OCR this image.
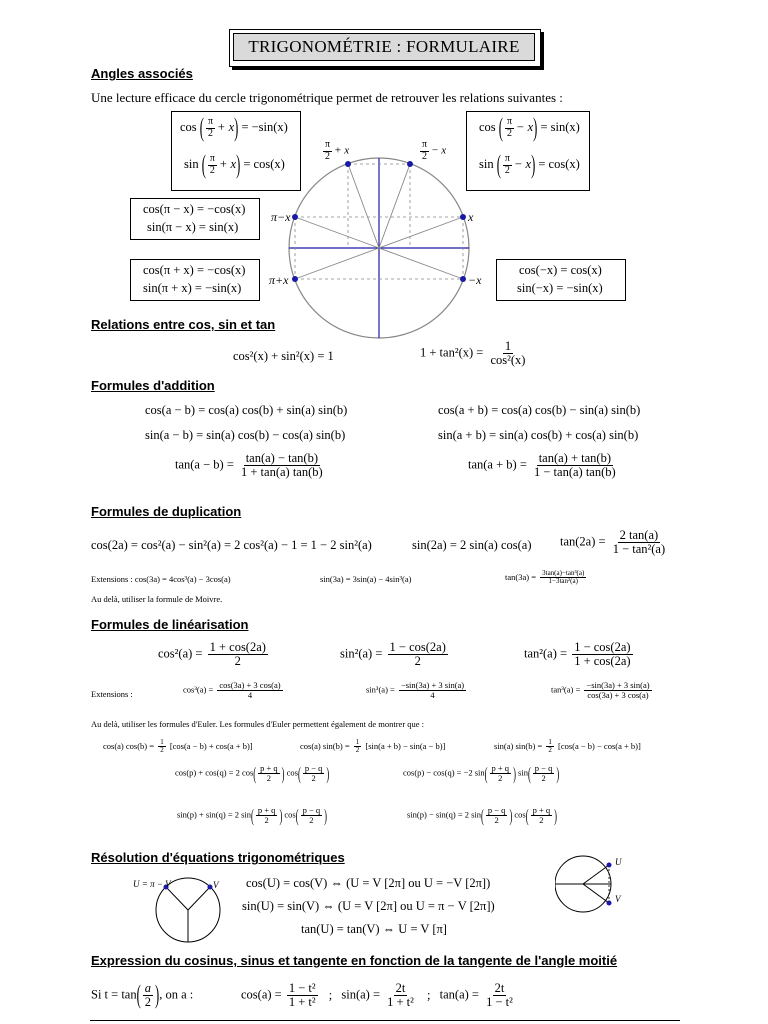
TRIGONOMÉTRIE : FORMULAIRE
Angles associés
Une lecture efficace du cercle trigonométrique permet de retrouver les relations suivantes :
cos ( $\frac{\pi}{2} + x) = -\sin(x)$
sin ( $\frac{\pi}{2} + x) = \cos(x)$
cos ( $\frac{\pi}{2} - x) = \sin(x)$
sin ( $\frac{\pi}{2} - x) = \cos(x)$
cos(π − x) = −cos(x)
sin(π − x) = sin(x)
cos(π + x) = −cos(x)
sin(π + x) = −sin(x)
cos(−x) = cos(x)
sin(−x) = −sin(x)
$\frac{\pi}{2} + x$	$\frac{\pi}{2} - x$
π−x	x
π+x	−x
Relations entre cos, sin et tan
cos²(x) + sin²(x) = 1	$1 + \tan^2(x) = \frac{1}{\text{cos²(x)}}$
Formules d'addition
cos(a − b) = cos(a) cos(b) + sin(a) sin(b)	cos(a + b) = cos(a) cos(b) − sin(a) sin(b)
sin(a − b) = sin(a) cos(b) − cos(a) sin(b)	sin(a + b) = sin(a) cos(b) + cos(a) sin(b)
$\tan(a - b) = \frac{\tan(a) - \tan(b)}{1 + \tan(a) \tan(b)}$	$\tan(a + b) = \frac{\tan(a) + \tan(b)}{1 - \tan(a) \tan(b)}$
Formules de duplication
cos(2a) = cos²(a) − sin²(a) = 2 cos²(a) − 1 = 1 − 2 sin²(a)	sin(2a) = 2 sin(a) cos(a) $\tan(2a) = \frac{2 \tan(a)}{\text{1 − tan²(a)}}$
Extensions : cos(3a) = 4cos³(a) − 3cos(a)	sin(3a) = 3sin(a) − 4sin³(a)	$\tan(3a) = \frac{\text{3tan(a)−tan³(a)}}{\text{1−3tan²(a)}}$
Au delà, utiliser la formule de Moivre.
Formules de linéarisation
$\cos^2(a) = \frac{1 + \cos(2a)}{2}$	$\sin^2(a) = \frac{1 - \cos(2a)}{2}$	$\tan^2(a) = \frac{1 - \cos(2a)}{1 + \cos(2a)}$
Extensions :	$\cos^3(a) = \frac{\cos(3a) + 3 \cos(a)}{4}$	$\sin^3(a) = \frac{-\sin(3a) + 3 \sin(a)}{4}$	$\tan^3(a) = \frac{-\sin(3a) + 3 \sin(a)}{\cos(3a) + 3 \cos(a)}$
Au delà, utiliser les formules d'Euler. Les formules d'Euler permettent également de montrer que :
cos(a) $\cos(b) = \frac{1}{2} [\cos(a - b) + \cos(a + b)]$	cos(a) $\sin(b) = \frac{1}{2} [\sin(a + b) - \sin(a - b)]$	sin(a) $\sin(b) = \frac{1}{2} [\cos(a - b) - \cos(a + b)]$
cos(p) + cos(q) = 2 $\cos( \frac{p + q}{2}$ ) $\cos( \frac{p - q}{2}$ )	cos(p) − cos(q) = −2 $\sin( \frac{p + q}{2}$ ) $\sin( \frac{p - q}{2}$ )
sin(p) + sin(q) = 2 $\sin( \frac{p + q}{2}$ ) $\cos( \frac{p - q}{2}$ )	sin(p) − sin(q) = 2 $\sin( \frac{p - q}{2}$ ) $\cos( \frac{p + q}{2}$ )
Résolution d'équations trigonométriques
U = π − V	V cos(U) = cos(V) ⇔ (U = V [2π] ou U = −V [2π])
sin(U) = sin(V) ⇔ (U = V [2π] ou U = π − V [2π])
tan(U) = tan(V) ⇔ U = V [π]
U
V
Expression du cosinus, sinus et tangente en fonction de la tangente de l'angle moitié
Si $t = \tan( \frac{a}{2}$ ), on a :	$\cos(a) = \frac{\text{1 − t²}}{\text{1 + t²}}$ ; $\sin(a) = \frac{2t}{\text{1 + t²}}$ ; $\tan(a) = \frac{2t}{\text{1 − t²}}$
